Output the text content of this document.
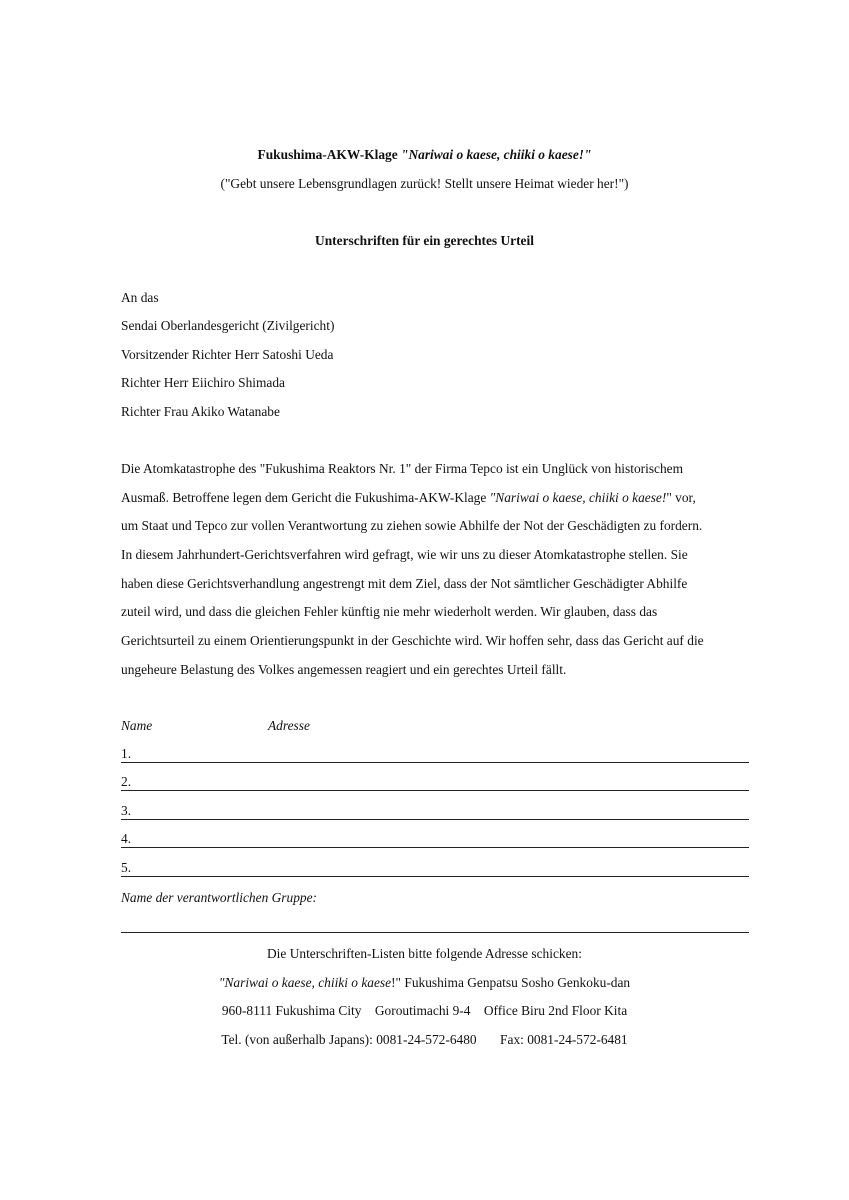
Fukushima-AKW-Klage "Nariwai o kaese, chiiki o kaese!"
("Gebt unsere Lebensgrundlagen zurück! Stellt unsere Heimat wieder her!")
Unterschriften für ein gerechtes Urteil
An das
Sendai Oberlandesgericht (Zivilgericht)
Vorsitzender Richter Herr Satoshi Ueda
Richter Herr Eiichiro Shimada
Richter Frau Akiko Watanabe
Die Atomkatastrophe des "Fukushima Reaktors Nr. 1" der Firma Tepco ist ein Unglück von historischem
Ausmaß. Betroffene legen dem Gericht die Fukushima-AKW-Klage "Nariwai o kaese, chiiki o kaese!" vor,
um Staat und Tepco zur vollen Verantwortung zu ziehen sowie Abhilfe der Not der Geschädigten zu fordern.
In diesem Jahrhundert-Gerichtsverfahren wird gefragt, wie wir uns zu dieser Atomkatastrophe stellen. Sie
haben diese Gerichtsverhandlung angestrengt mit dem Ziel, dass der Not sämtlicher Geschädigter Abhilfe
zuteil wird, und dass die gleichen Fehler künftig nie mehr wiederholt werden. Wir glauben, dass das
Gerichtsurteil zu einem Orientierungspunkt in der Geschichte wird. Wir hoffen sehr, dass das Gericht auf die
ungeheure Belastung des Volkes angemessen reagiert und ein gerechtes Urteil fällt.
Name	Adresse
1.
2.
3.
4.
5.
Name der verantwortlichen Gruppe:
Die Unterschriften-Listen bitte folgende Adresse schicken:
"Nariwai o kaese, chiiki o kaese!" Fukushima Genpatsu Sosho Genkoku-dan
960-8111 Fukushima City    Goroutimachi 9-4    Office Biru 2nd Floor Kita
Tel. (von außerhalb Japans): 0081-24-572-6480       Fax: 0081-24-572-6481
